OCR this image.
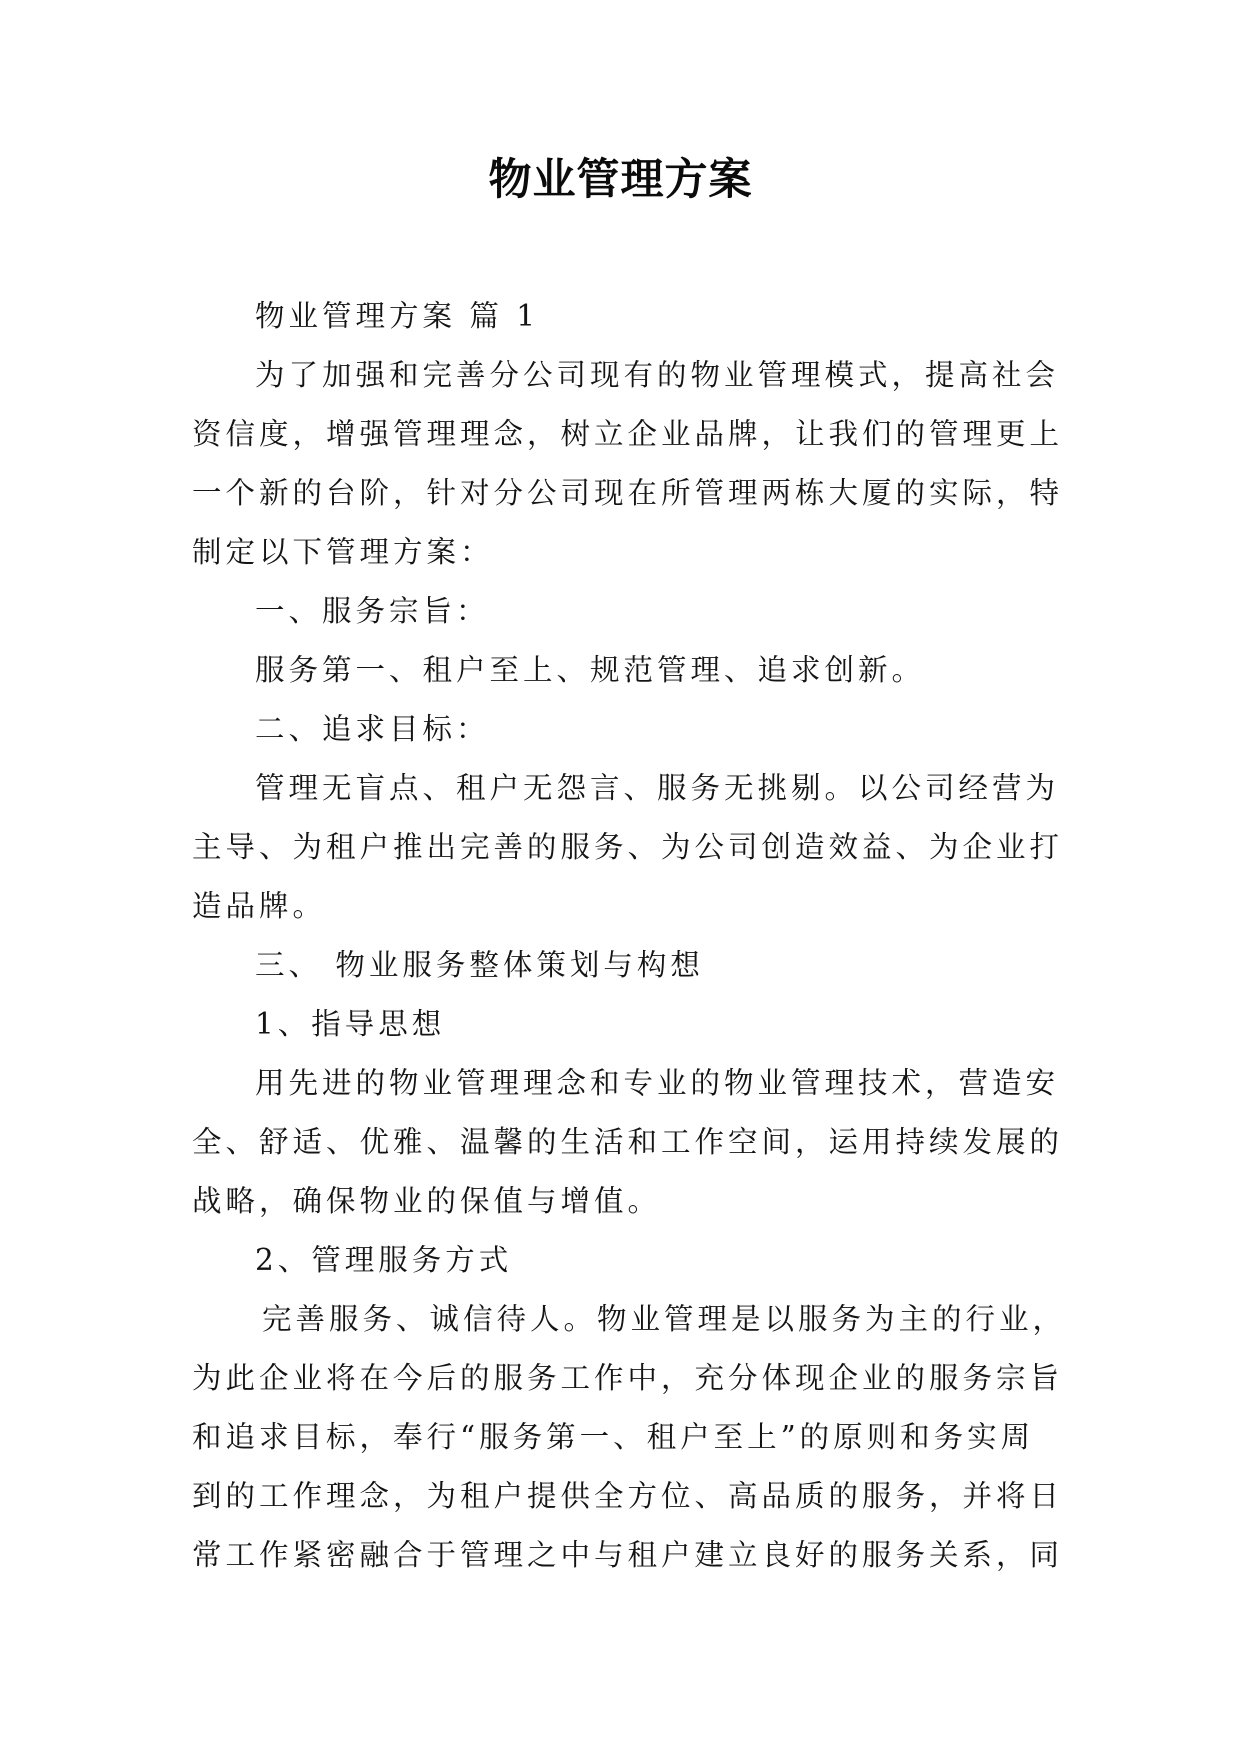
物业管理方案
物业管理方案 篇 1
为了加强和完善分公司现有的物业管理模式，提高社会
资信度，增强管理理念，树立企业品牌，让我们的管理更上
一个新的台阶，针对分公司现在所管理两栋大厦的实际，特
制定以下管理方案：
一、服务宗旨：
服务第一、租户至上、规范管理、追求创新。
二、追求目标：
管理无盲点、租户无怨言、服务无挑剔。以公司经营为
主导、为租户推出完善的服务、为公司创造效益、为企业打
造品牌。
三、 物业服务整体策划与构想
1、指导思想
用先进的物业管理理念和专业的物业管理技术，营造安
全、舒适、优雅、温馨的生活和工作空间，运用持续发展的
战略，确保物业的保值与增值。
2、管理服务方式
完善服务、诚信待人。物业管理是以服务为主的行业，
为此企业将在今后的服务工作中，充分体现企业的服务宗旨
和追求目标，奉行“服务第一、租户至上”的原则和务实周
到的工作理念，为租户提供全方位、高品质的服务，并将日
常工作紧密融合于管理之中与租户建立良好的服务关系，同
